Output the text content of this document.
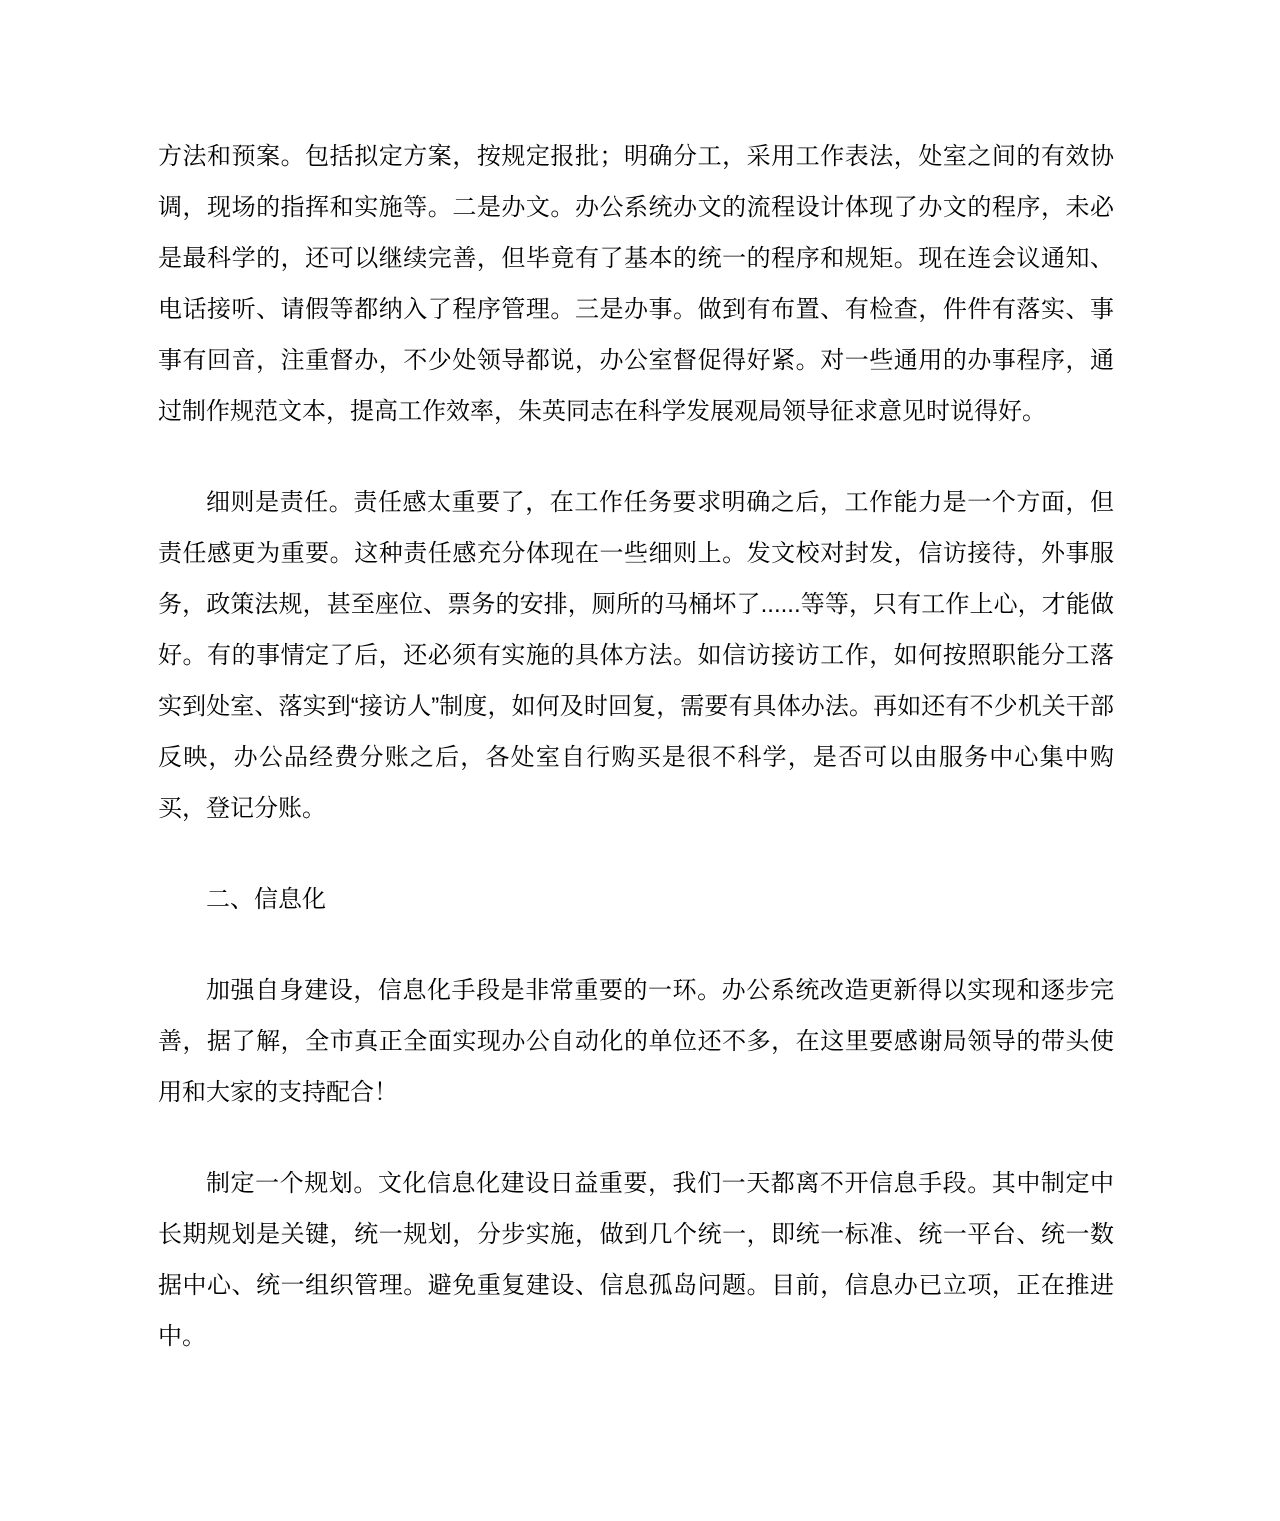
方法和预案。包括拟定方案，按规定报批；明确分工，采用工作表法，处室之间的有效协调，现场的指挥和实施等。二是办文。办公系统办文的流程设计体现了办文的程序，未必是最科学的，还可以继续完善，但毕竟有了基本的统一的程序和规矩。现在连会议通知、电话接听、请假等都纳入了程序管理。三是办事。做到有布置、有检查，件件有落实、事事有回音，注重督办，不少处领导都说，办公室督促得好紧。对一些通用的办事程序，通过制作规范文本，提高工作效率，朱英同志在科学发展观局领导征求意见时说得好。

细则是责任。责任感太重要了，在工作任务要求明确之后，工作能力是一个方面，但责任感更为重要。这种责任感充分体现在一些细则上。发文校对封发，信访接待，外事服务，政策法规，甚至座位、票务的安排，厕所的马桶坏了......等等，只有工作上心，才能做好。有的事情定了后，还必须有实施的具体方法。如信访接访工作，如何按照职能分工落实到处室、落实到“接访人”制度，如何及时回复，需要有具体办法。再如还有不少机关干部反映，办公品经费分账之后，各处室自行购买是很不科学，是否可以由服务中心集中购买，登记分账。

二、信息化

加强自身建设，信息化手段是非常重要的一环。办公系统改造更新得以实现和逐步完善，据了解，全市真正全面实现办公自动化的单位还不多，在这里要感谢局领导的带头使用和大家的支持配合！

制定一个规划。文化信息化建设日益重要，我们一天都离不开信息手段。其中制定中长期规划是关键，统一规划，分步实施，做到几个统一，即统一标准、统一平台、统一数据中心、统一组织管理。避免重复建设、信息孤岛问题。目前，信息办已立项，正在推进中。
